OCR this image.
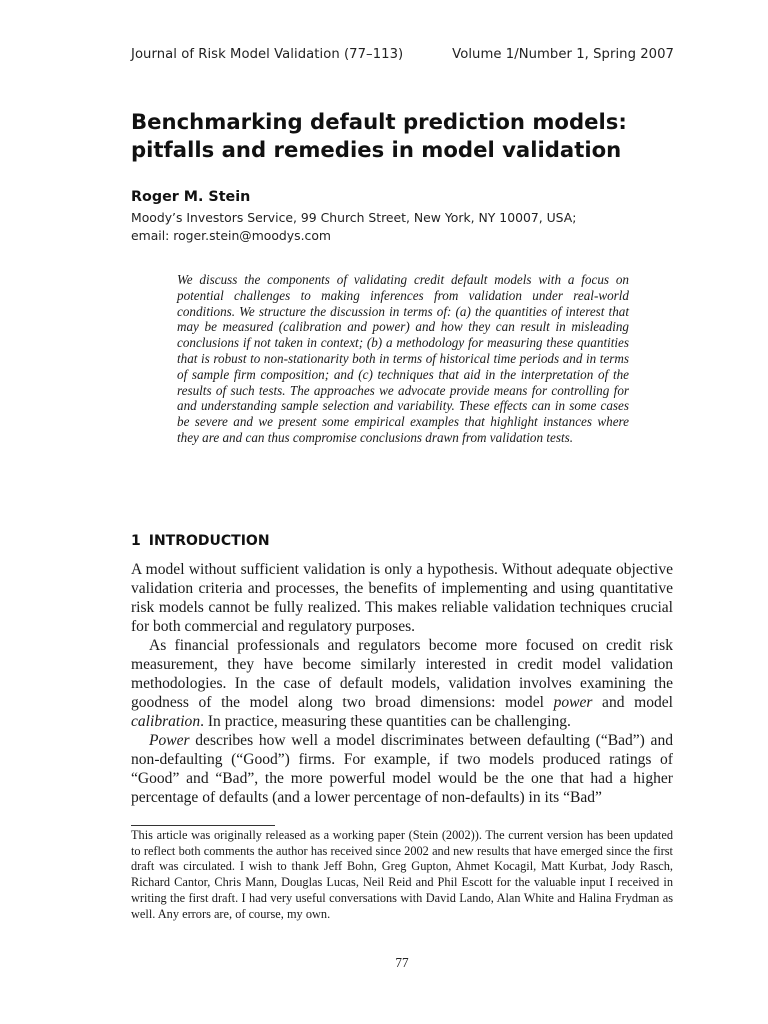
Journal of Risk Model Validation (77–113)	Volume 1/Number 1, Spring 2007
Benchmarking default prediction models:
pitfalls and remedies in model validation
Roger M. Stein
Moody’s Investors Service, 99 Church Street, New York, NY 10007, USA;
email: roger.stein@moodys.com

We discuss the components of validating credit default models with a focus on potential challenges to making inferences from validation under real-world conditions. We structure the discussion in terms of: (a) the quantities of interest that may be measured (calibration and power) and how they can result in misleading conclusions if not taken in context; (b) a methodology for measuring these quantities that is robust to non-stationarity both in terms of historical time periods and in terms of sample firm composition; and (c) techniques that aid in the interpretation of the results of such tests. The approaches we advocate provide means for controlling for and understanding sample selection and variability. These effects can in some cases be severe and we present some empirical examples that highlight instances where they are and can thus compromise conclusions drawn from validation tests.

1 INTRODUCTION

A model without sufficient validation is only a hypothesis. Without adequate objective validation criteria and processes, the benefits of implementing and using quantitative risk models cannot be fully realized. This makes reliable validation techniques crucial for both commercial and regulatory purposes.

As financial professionals and regulators become more focused on credit risk measurement, they have become similarly interested in credit model validation methodologies. In the case of default models, validation involves examining the goodness of the model along two broad dimensions: model power and model calibration. In practice, measuring these quantities can be challenging.

Power describes how well a model discriminates between defaulting (“Bad”) and non-defaulting (“Good”) firms. For example, if two models produced ratings of “Good” and “Bad”, the more powerful model would be the one that had a higher percentage of defaults (and a lower percentage of non-defaults) in its “Bad”

This article was originally released as a working paper (Stein (2002)). The current version has been updated to reflect both comments the author has received since 2002 and new results that have emerged since the first draft was circulated. I wish to thank Jeff Bohn, Greg Gupton, Ahmet Kocagil, Matt Kurbat, Jody Rasch, Richard Cantor, Chris Mann, Douglas Lucas, Neil Reid and Phil Escott for the valuable input I received in writing the first draft. I had very useful conversations with David Lando, Alan White and Halina Frydman as well. Any errors are, of course, my own.

77
